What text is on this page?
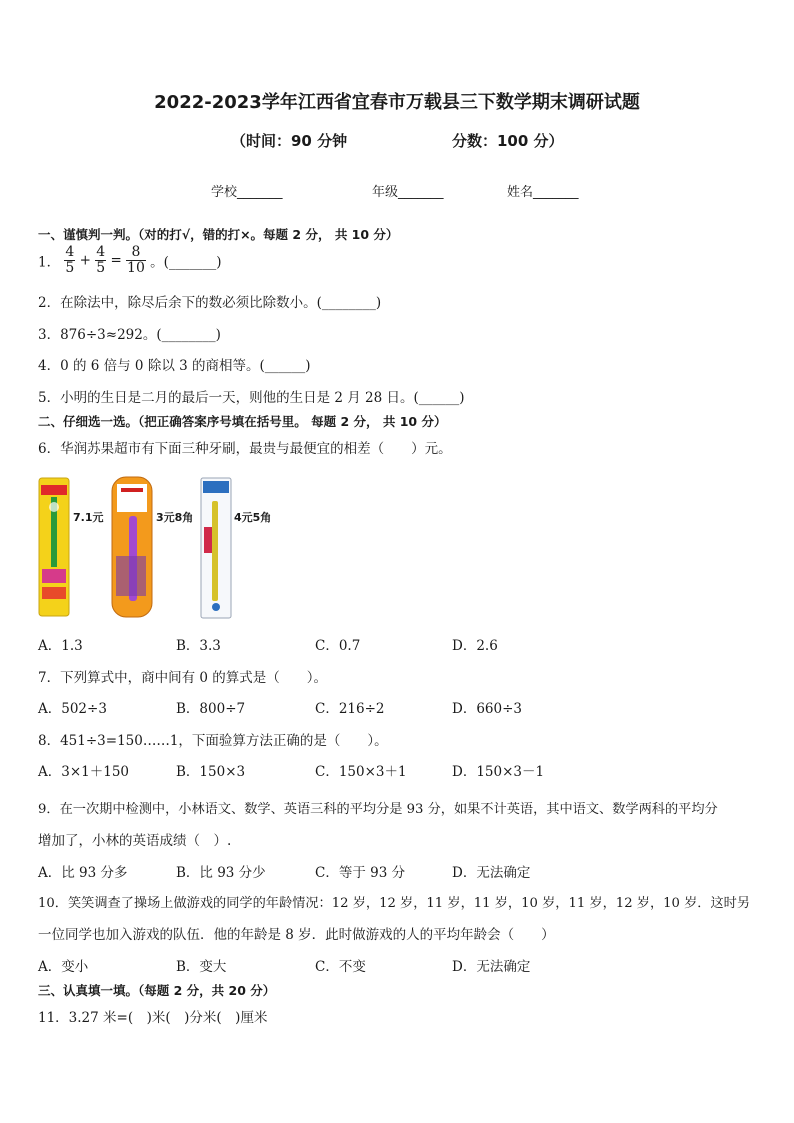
2022-2023学年江西省宜春市万载县三下数学期末调研试题
（时间：90 分钟	分数：100 分）
学校_______	年级_______	姓名_______
一、谨慎判一判。（对的打√，错的打×。每题 2 分， 共 10 分）
1． $\frac{4}{5} + \frac{4}{5} = \frac{8}{10}$ 。(_______)
2．在除法中，除尽后余下的数必须比除数小。(________)
3．876÷3≈292。(________)
4．0 的 6 倍与 0 除以 3 的商相等。(______)
5．小明的生日是二月的最后一天，则他的生日是 2 月 28 日。(______)
二、仔细选一选。（把正确答案序号填在括号里。 每题 2 分， 共 10 分）
6．华润苏果超市有下面三种牙刷，最贵与最便宜的相差（　　）元。
7.1元	3元8角	4元5角
A．1.3	B．3.3	C．0.7	D．2.6
7．下列算式中，商中间有 0 的算式是（　　）。
A．502÷3	B．800÷7	C．216÷2	D．660÷3
8．451÷3=150……1，下面验算方法正确的是（　　）。
A．3×1＋150	B．150×3	C．150×3＋1	D．150×3－1
9．在一次期中检测中，小林语文、数学、英语三科的平均分是 93 分，如果不计英语，其中语文、数学两科的平均分
增加了，小林的英语成绩（　）.
A．比 93 分多	B．比 93 分少	C．等于 93 分	D．无法确定
10．笑笑调查了操场上做游戏的同学的年龄情况：12 岁，12 岁，11 岁，11 岁，10 岁，11 岁，12 岁，10 岁．这时另
一位同学也加入游戏的队伍．他的年龄是 8 岁．此时做游戏的人的平均年龄会（　　）
A．变小	B．变大	C．不变	D．无法确定
三、认真填一填。（每题 2 分，共 20 分）
11．3.27 米=(　)米(　)分米(　)厘米
